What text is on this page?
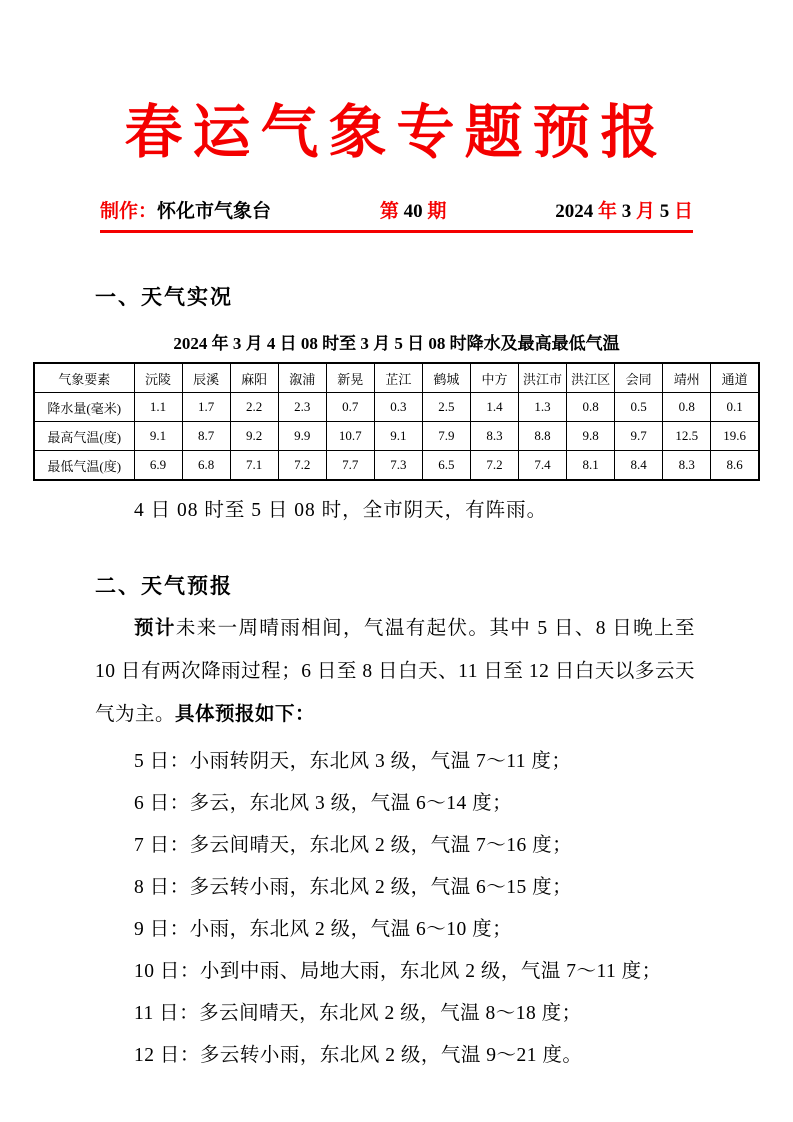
春运气象专题预报
制作：怀化市气象台	第 40 期	2024 年 3 月 5 日
一、天气实况
2024 年 3 月 4 日 08 时至 3 月 5 日 08 时降水及最高最低气温
气象要素	沅陵	辰溪	麻阳	溆浦	新晃	芷江	鹤城	中方	洪江市	洪江区	会同	靖州	通道
降水量(毫米)	1.1	1.7	2.2	2.3	0.7	0.3	2.5	1.4	1.3	0.8	0.5	0.8	0.1
最高气温(度)	9.1	8.7	9.2	9.9	10.7	9.1	7.9	8.3	8.8	9.8	9.7	12.5	19.6
最低气温(度)	6.9	6.8	7.1	7.2	7.7	7.3	6.5	7.2	7.4	8.1	8.4	8.3	8.6
4 日 08 时至 5 日 08 时，全市阴天，有阵雨。
二、天气预报
预计未来一周晴雨相间，气温有起伏。其中 5 日、8 日晚上至 10 日有两次降雨过程；6 日至 8 日白天、11 日至 12 日白天以多云天气为主。具体预报如下：
5 日：小雨转阴天，东北风 3 级，气温 7～11 度；
6 日：多云，东北风 3 级，气温 6～14 度；
7 日：多云间晴天，东北风 2 级，气温 7～16 度；
8 日：多云转小雨，东北风 2 级，气温 6～15 度；
9 日：小雨，东北风 2 级，气温 6～10 度；
10 日：小到中雨、局地大雨，东北风 2 级，气温 7～11 度；
11 日：多云间晴天，东北风 2 级，气温 8～18 度；
12 日：多云转小雨，东北风 2 级，气温 9～21 度。
